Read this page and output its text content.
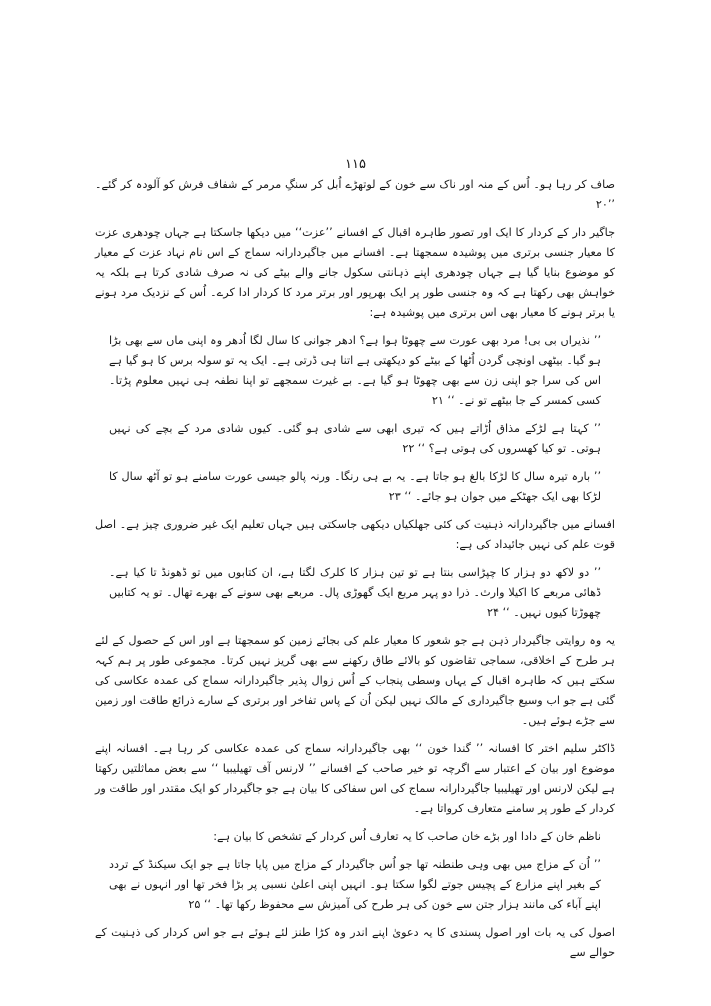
۱۱۵

صاف کر رہا ہو۔ اُس کے منہ اور ناک سے خون کے لوتھڑے اُبل کر سنگِ مرمر کے شفاف فرش کو آلودہ کر گئے۔ ’’۲۰

جاگیر دار کے کردار کا ایک اور تصور طاہرہ اقبال کے افسانے ’’عزت‘‘ میں دیکھا جاسکتا ہے جہاں چودھری عزت کا معیار جنسی برتری میں پوشیدہ سمجھتا ہے۔ افسانے میں جاگیردارانہ سماج کے اس نام نہاد عزت کے معیار کو موضوع بنایا گیا ہے جہاں چودھری اپنے ذہانتی سکول جانے والے بیٹے کی نہ صرف شادی کرتا ہے بلکہ یہ خواہش بھی رکھتا ہے کہ وہ جنسی طور پر ایک بھرپور اور برتر مرد کا کردار ادا کرے۔ اُس کے نزدیک مرد ہونے یا برتر ہونے کا معیار بھی اس برتری میں پوشیدہ ہے:

’’ نذیراں بی بی! مرد بھی عورت سے چھوٹا ہوا ہے؟ ادھر جوانی کا سال لگا اُدھر وہ اپنی ماں سے بھی بڑا ہو گیا۔ بیٹھی اونچی گردن اُٹھا کے بیٹے کو دیکھتی ہے اتنا ہی ڈرتی ہے۔ ایک یہ تو سولہ برس کا ہو گیا ہے اس کی سرا جو اپنی زن سے بھی چھوٹا ہو گیا ہے۔ بے غیرت سمجھے تو اپنا نطفہ ہی نہیں معلوم پڑتا۔ کسی کمسر کے جا بیٹھے تو نے۔ ‘‘ ۲۱

’’ کہتا ہے لڑکے مذاق اُڑاتے ہیں کہ تیری ابھی سے شادی ہو گئی۔ کیوں شادی مرد کے بچے کی نہیں ہوتی۔ تو کیا کھسروں کی ہوتی ہے؟ ‘‘ ۲۲

’’ بارہ تیرہ سال کا لڑکا بالغ ہو جاتا ہے۔ یہ بے ہی رنگا۔ ورنہ پالو جیسی عورت سامنے ہو تو آٹھ سال کا لڑکا بھی ایک جھٹکے میں جوان ہو جائے۔ ‘‘ ۲۳

افسانے میں جاگیردارانہ ذہنیت کی کئی جھلکیاں دیکھی جاسکتی ہیں جہاں تعلیم ایک غیر ضروری چیز ہے۔ اصل قوت علم کی نہیں جائیداد کی ہے:

’’ دو لاکھ دو ہزار کا چپڑاسی بنتا ہے تو تین ہزار کا کلرک لگتا ہے، ان کتابوں میں تو ڈھونڈ تا کیا ہے۔ ڈھائی مربعے کا اکیلا وارث۔ ذرا دو پہر مربع ایک گھوڑی پال۔ مربعے بھی سونے کے بھرے تھال۔ تو یہ کتابیں چھوڑتا کیوں نہیں۔ ‘‘ ۲۴

یہ وہ روایتی جاگیردار ذہن ہے جو شعور کا معیار علم کی بجائے زمین کو سمجھتا ہے اور اس کے حصول کے لئے ہر طرح کے اخلاقی، سماجی تقاضوں کو بالائے طاق رکھنے سے بھی گریز نہیں کرتا۔ مجموعی طور پر ہم کہہ سکتے ہیں کہ طاہرہ اقبال کے یہاں وسطی پنجاب کے اُس زوال پذیر جاگیردارانہ سماج کی عمدہ عکاسی کی گئی ہے جو اب وسیع جاگیرداری کے مالک نہیں لیکن اُن کے پاس تفاخر اور برتری کے سارے ذرائع طاقت اور زمین سے جڑے ہوئے ہیں۔

ڈاکٹر سلیم اختر کا افسانہ ’’ گندا خون ‘‘ بھی جاگیردارانہ سماج کی عمدہ عکاسی کر رہا ہے۔ افسانہ اپنے موضوع اور بیان کے اعتبار سے اگرچہ تو خیر صاحب کے افسانے ’’ لارنس آف تھیلیبیا ‘‘ سے بعض مماثلتیں رکھتا ہے لیکن لارنس اور تھیلیبیا جاگیردارانہ سماج کی اس سفاکی کا بیان ہے جو جاگیردار کو ایک مقتدر اور طاقت ور کردار کے طور پر سامنے متعارف کرواتا ہے۔

ناظم خان کے دادا اور بڑے خان صاحب کا یہ تعارف اُس کردار کے تشخص کا بیان ہے:

’’ اُن کے مزاج میں بھی وہی طنطنہ تھا جو اُس جاگیردار کے مزاج میں پایا جاتا ہے جو ایک سیکنڈ کے تردد کے بغیر اپنے مزارع کے پچیس جوتے لگوا سکتا ہو۔ انہیں اپنی اعلیٰ نسبی پر بڑا فخر تھا اور انہوں نے بھی اپنے آباء کی مانند ہزار جتن سے خون کی ہر طرح کی آمیزش سے محفوظ رکھا تھا۔ ‘‘ ۲۵

اصول کی یہ بات اور اصول پسندی کا یہ دعویٰ اپنے اندر وہ کڑا طنز لئے ہوئے ہے جو اس کردار کی ذہنیت کے حوالے سے
